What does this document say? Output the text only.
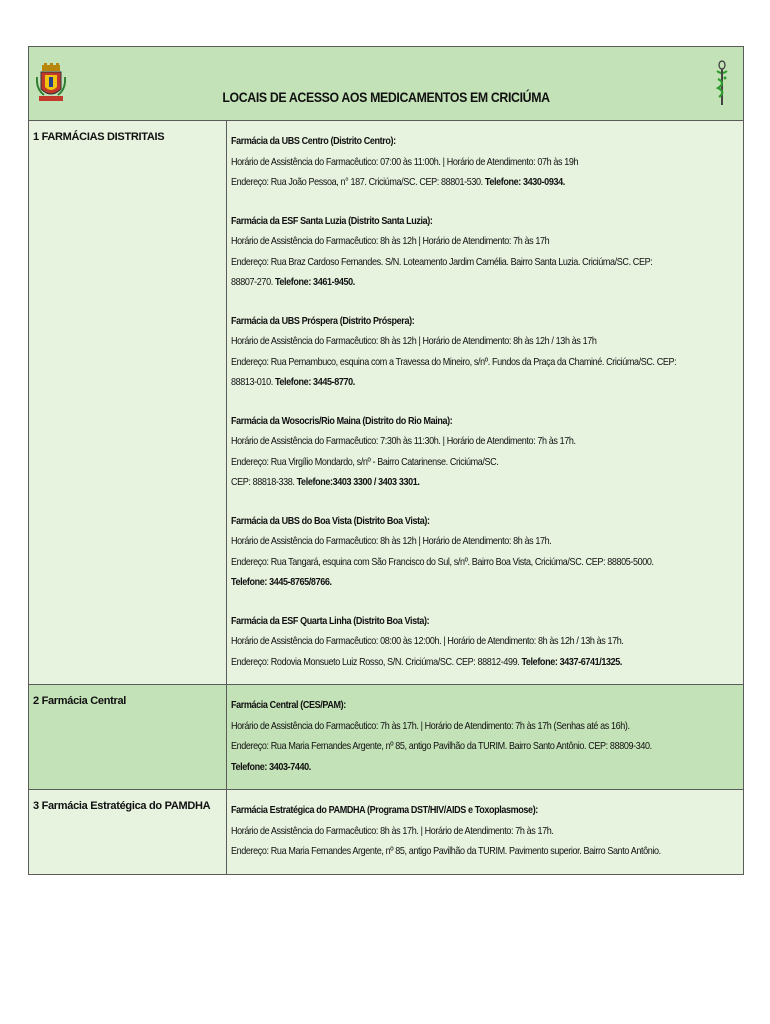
LOCAIS DE ACESSO AOS MEDICAMENTOS EM CRICIÚMA
1 FARMÁCIAS DISTRITAIS	Farmácia da UBS Centro (Distrito Centro):
Horário de Assistência do Farmacêutico: 07:00 às 11:00h. | Horário de Atendimento: 07h às 19h
Endereço: Rua João Pessoa, n° 187. Criciúma/SC. CEP: 88801-530. Telefone: 3430-0934.
Farmácia da ESF Santa Luzia (Distrito Santa Luzia):
Horário de Assistência do Farmacêutico: 8h às 12h | Horário de Atendimento: 7h às 17h
Endereço: Rua Braz Cardoso Fernandes. S/N. Loteamento Jardim Camélia. Bairro Santa Luzia. Criciúma/SC. CEP:
88807-270. Telefone: 3461-9450.
Farmácia da UBS Próspera (Distrito Próspera):
Horário de Assistência do Farmacêutico: 8h às 12h | Horário de Atendimento: 8h às 12h / 13h às 17h
Endereço: Rua Pernambuco, esquina com a Travessa do Mineiro, s/nº. Fundos da Praça da Chaminé. Criciúma/SC. CEP:
88813-010. Telefone: 3445-8770.
Farmácia da Wosocris/Rio Maina (Distrito do Rio Maina):
Horário de Assistência do Farmacêutico: 7:30h às 11:30h. | Horário de Atendimento: 7h às 17h.
Endereço: Rua Virgílio Mondardo, s/nº - Bairro Catarinense. Criciúma/SC.
CEP: 88818-338. Telefone:3403 3300 / 3403 3301.
Farmácia da UBS do Boa Vista (Distrito Boa Vista):
Horário de Assistência do Farmacêutico: 8h às 12h | Horário de Atendimento: 8h às 17h.
Endereço: Rua Tangará, esquina com São Francisco do Sul, s/nº. Bairro Boa Vista, Criciúma/SC. CEP: 88805-5000.
Telefone: 3445-8765/8766.
Farmácia da ESF Quarta Linha (Distrito Boa Vista):
Horário de Assistência do Farmacêutico: 08:00 às 12:00h. | Horário de Atendimento: 8h às 12h / 13h às 17h.
Endereço: Rodovia Monsueto Luiz Rosso, S/N. Criciúma/SC. CEP: 88812-499. Telefone: 3437-6741/1325.
2 Farmácia Central	Farmácia Central (CES/PAM):
Horário de Assistência do Farmacêutico: 7h às 17h. | Horário de Atendimento: 7h às 17h (Senhas até as 16h).
Endereço: Rua Maria Fernandes Argente, nº 85, antigo Pavilhão da TURIM. Bairro Santo Antônio. CEP: 88809-340.
Telefone: 3403-7440.
3 Farmácia Estratégica do PAMDHA	Farmácia Estratégica do PAMDHA (Programa DST/HIV/AIDS e Toxoplasmose):
Horário de Assistência do Farmacêutico: 8h às 17h. | Horário de Atendimento: 7h às 17h.
Endereço: Rua Maria Fernandes Argente, nº 85, antigo Pavilhão da TURIM. Pavimento superior. Bairro Santo Antônio.
